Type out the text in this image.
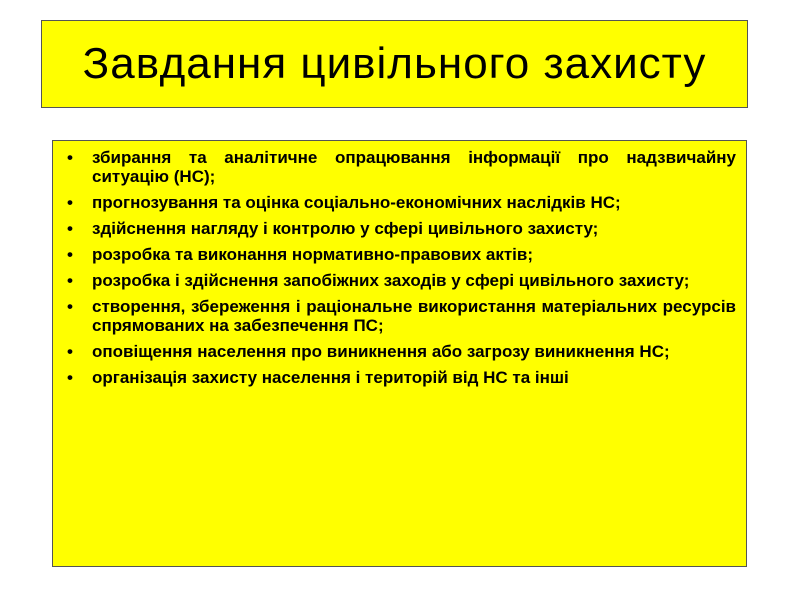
Завдання цивільного захисту
• збирання та аналітичне опрацювання інформації про надзвичайну ситуацію (НС);
• прогнозування та оцінка соціально-економічних наслідків НС;
• здійснення нагляду і контролю у сфері цивільного захисту;
• розробка та виконання нормативно-правових актів;
• розробка і здійснення запобіжних заходів у сфері цивільного захисту;
• створення, збереження і раціональне використання матеріальних ресурсів спрямованих на забезпечення ПС;
• оповіщення населення про виникнення або загрозу виникнення НС;
• організація захисту населення і територій від НС та інші
